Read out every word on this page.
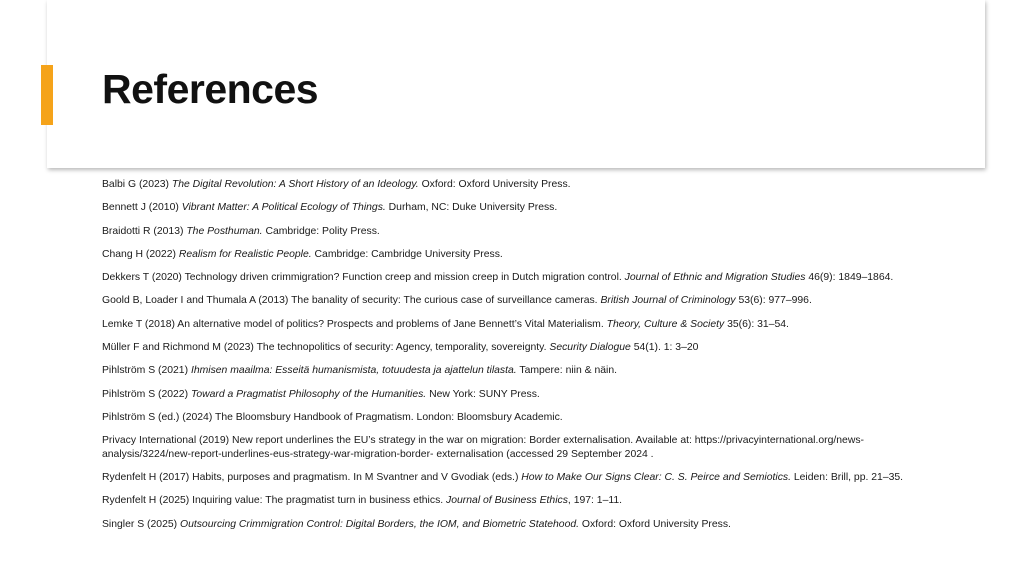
References
Balbi G (2023) The Digital Revolution: A Short History of an Ideology. Oxford: Oxford University Press.
Bennett J (2010) Vibrant Matter: A Political Ecology of Things. Durham, NC: Duke University Press.
Braidotti R (2013) The Posthuman. Cambridge: Polity Press.
Chang H (2022) Realism for Realistic People. Cambridge: Cambridge University Press.
Dekkers T (2020) Technology driven crimmigration? Function creep and mission creep in Dutch migration control. Journal of Ethnic and Migration Studies 46(9): 1849–1864.
Goold B, Loader I and Thumala A (2013) The banality of security: The curious case of surveillance cameras. British Journal of Criminology 53(6): 977–996.
Lemke T (2018) An alternative model of politics? Prospects and problems of Jane Bennett’s Vital Materialism. Theory, Culture & Society 35(6): 31–54.
Müller F and Richmond M (2023) The technopolitics of security: Agency, temporality, sovereignty. Security Dialogue 54(1). 1: 3–20
Pihlström S (2021) Ihmisen maailma: Esseitä humanismista, totuudesta ja ajattelun tilasta. Tampere: niin & näin.
Pihlström S (2022) Toward a Pragmatist Philosophy of the Humanities. New York: SUNY Press.
Pihlström S (ed.) (2024) The Bloomsbury Handbook of Pragmatism. London: Bloomsbury Academic.
Privacy International (2019) New report underlines the EU’s strategy in the war on migration: Border externalisation. Available at: https://privacyinternational.org/news-analysis/3224/new-report-underlines-eus-strategy-war-migration-border- externalisation (accessed 29 September 2024 .
Rydenfelt H (2017) Habits, purposes and pragmatism. In M Svantner and V Gvodiak (eds.) How to Make Our Signs Clear: C. S. Peirce and Semiotics. Leiden: Brill, pp. 21–35.
Rydenfelt H (2025) Inquiring value: The pragmatist turn in business ethics. Journal of Business Ethics, 197: 1–11.
Singler S (2025) Outsourcing Crimmigration Control: Digital Borders, the IOM, and Biometric Statehood. Oxford: Oxford University Press.
